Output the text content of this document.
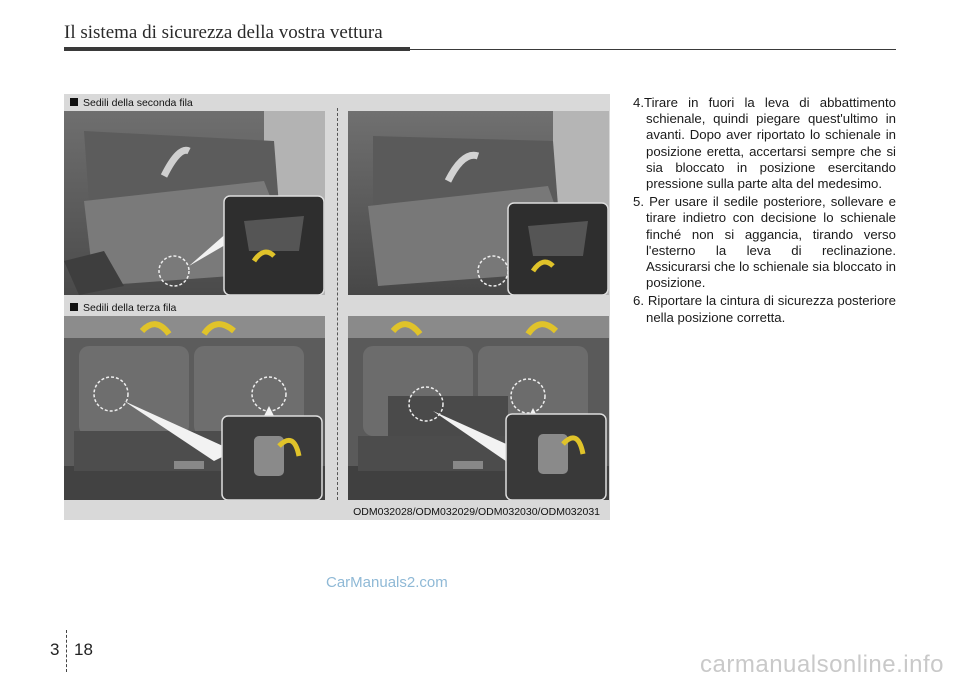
Il sistema di sicurezza della vostra vettura
Sedili della seconda fila
Sedili della terza fila
ODM032028/ODM032029/ODM032030/ODM032031

4.Tirare in fuori la leva di abbattimento schienale, quindi piegare quest'ultimo in avanti. Dopo aver riportato lo schienale in posizione eretta, accertarsi sempre che si sia bloccato in posizione esercitando pressione sulla parte alta del medesimo.

5. Per usare il sedile posteriore, sollevare e tirare indietro con decisione lo schienale finché non si aggancia, tirando verso l'esterno la leva di reclinazione. Assicurarsi che lo schienale sia bloccato in posizione.

6. Riportare la cintura di sicurezza posteriore nella posizione corretta.

CarManuals2.com
3 18
carmanualsonline.info
